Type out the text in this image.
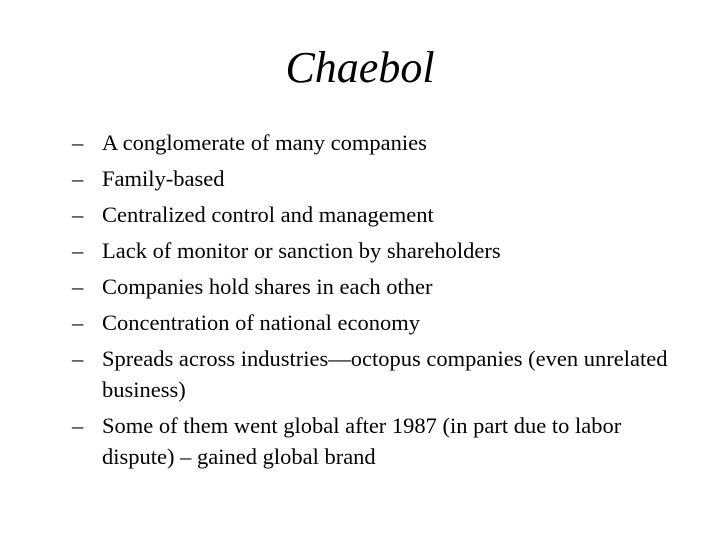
Chaebol
– A conglomerate of many companies
– Family-based
– Centralized control and management
– Lack of monitor or sanction by shareholders
– Companies hold shares in each other
– Concentration of national economy
– Spreads across industries—octopus companies (even unrelated business)
– Some of them went global after 1987 (in part due to labor dispute) – gained global brand
